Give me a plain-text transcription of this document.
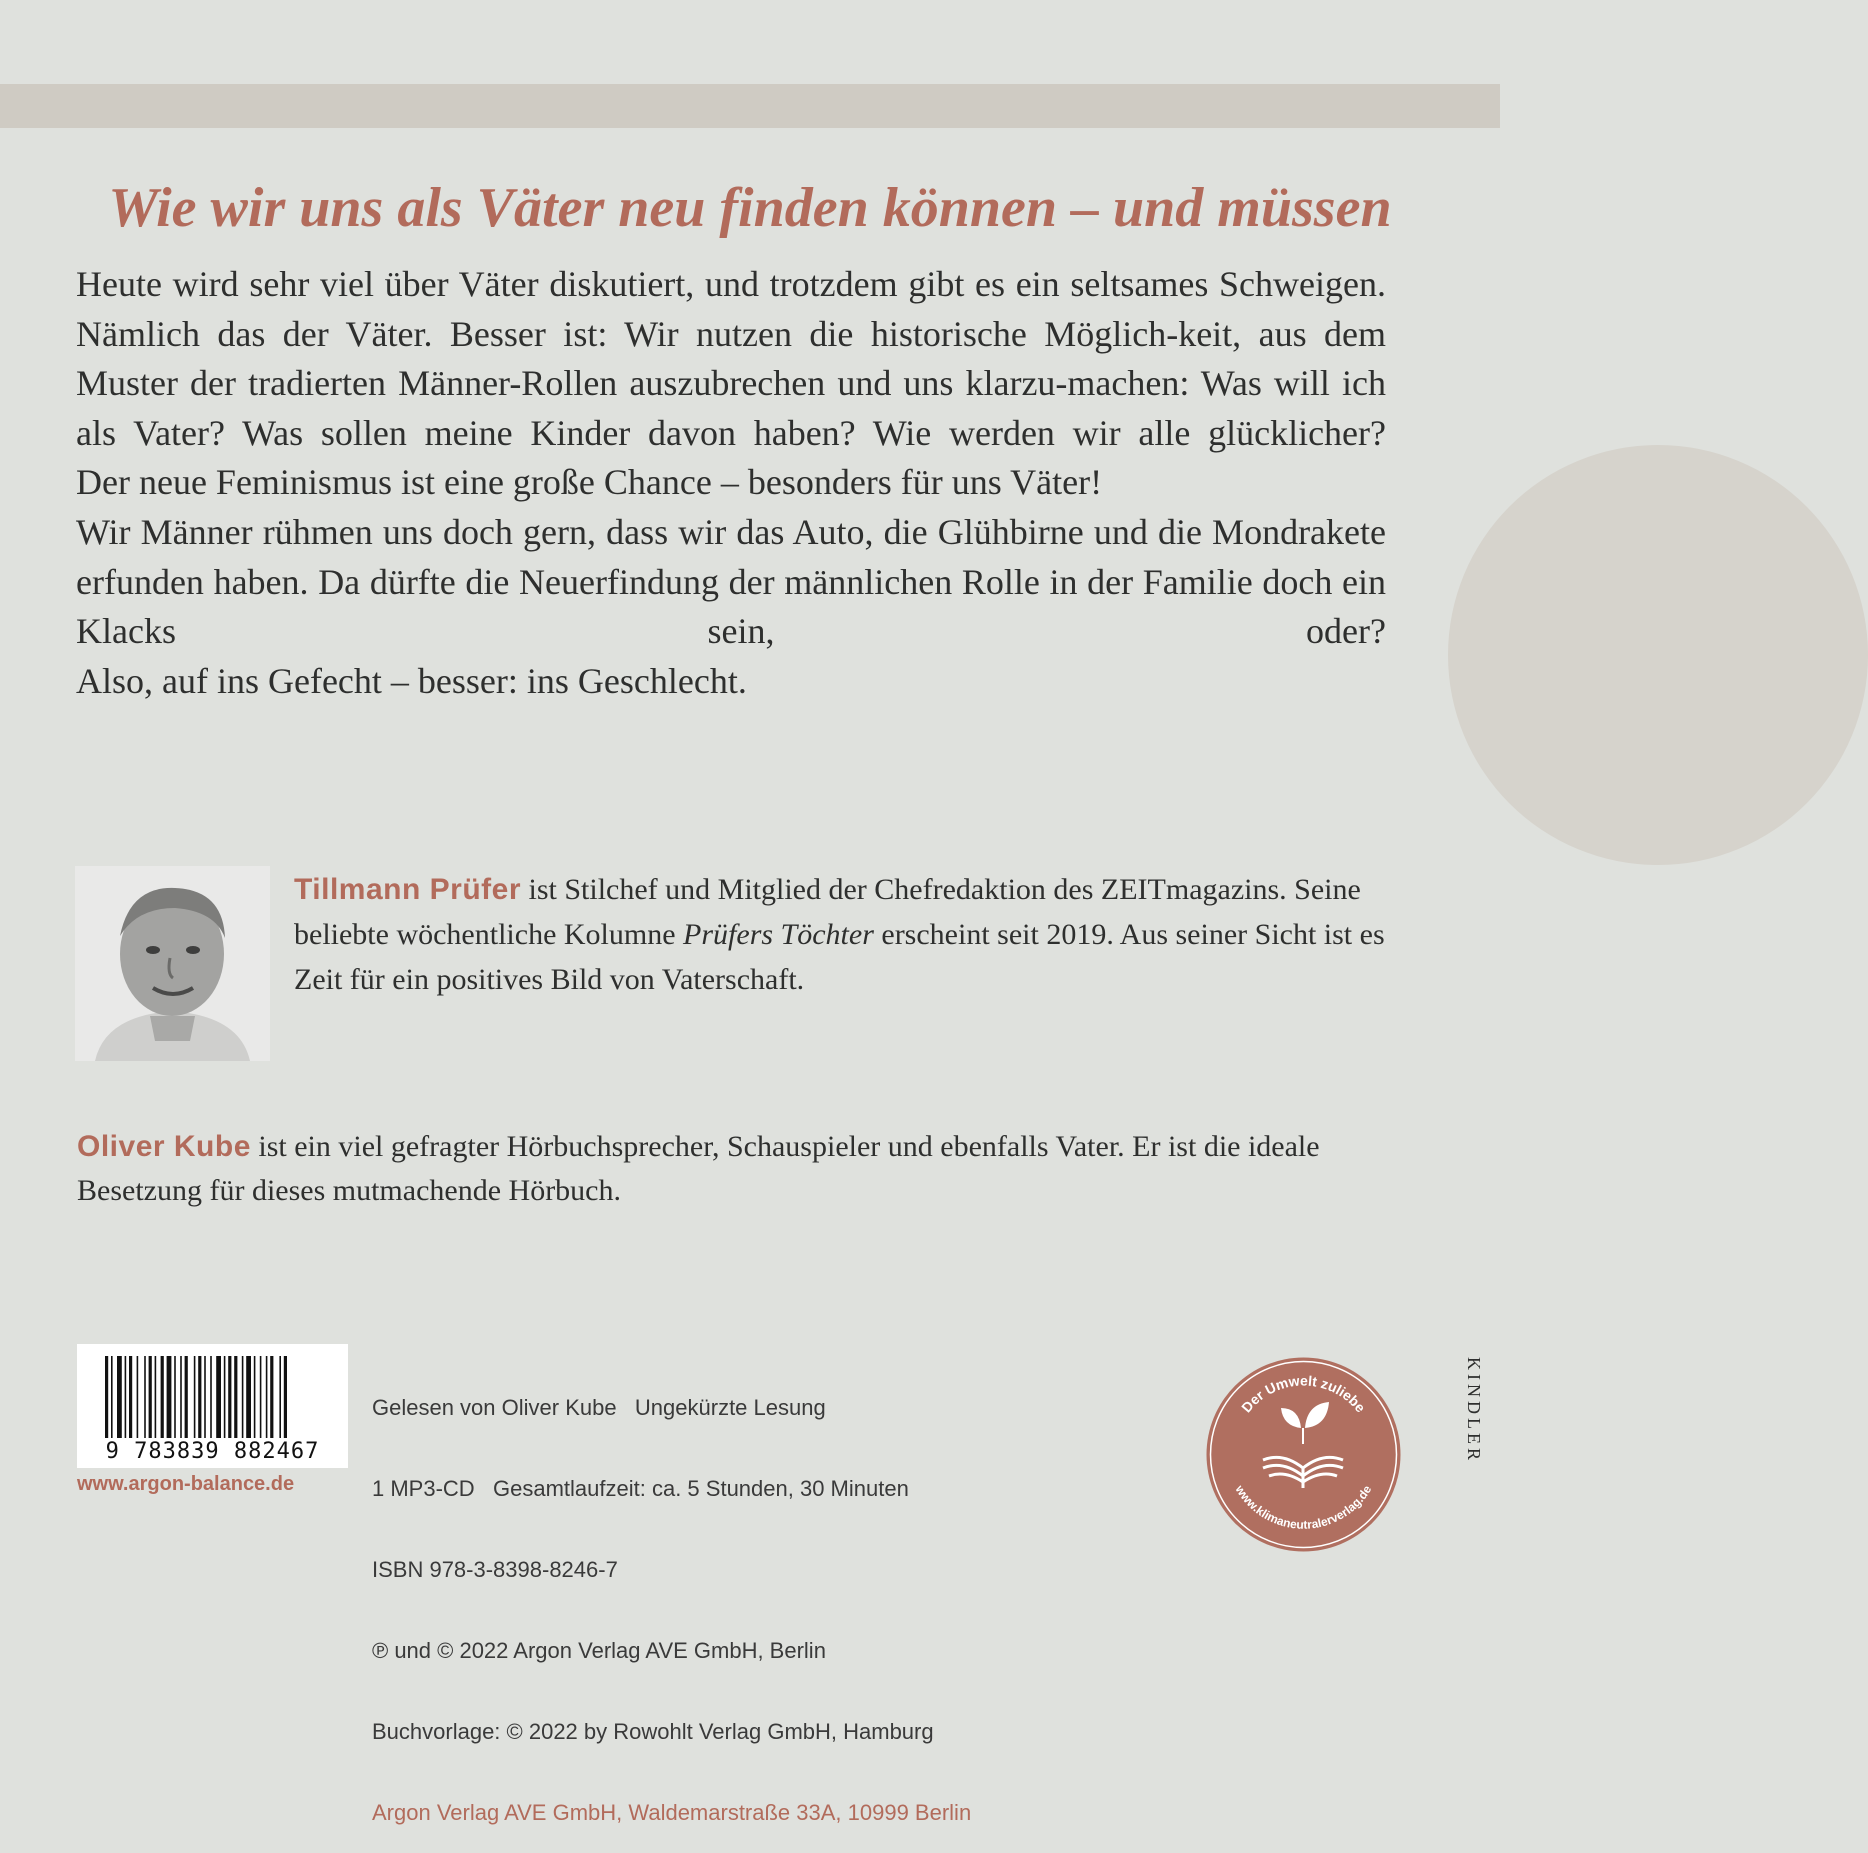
Wie wir uns als Väter neu finden können – und müssen

Heute wird sehr viel über Väter diskutiert, und trotzdem gibt es ein seltsames Schweigen. Nämlich das der Väter. Besser ist: Wir nutzen die historische Möglich-keit, aus dem Muster der tradierten Männer-Rollen auszubrechen und uns klarzu-machen: Was will ich als Vater? Was sollen meine Kinder davon haben? Wie werden wir alle glücklicher?

Der neue Feminismus ist eine große Chance – besonders für uns Väter!

Wir Männer rühmen uns doch gern, dass wir das Auto, die Glühbirne und die Mondrakete erfunden haben. Da dürfte die Neuerfindung der männlichen Rolle in der Familie doch ein Klacks sein, oder?

Also, auf ins Gefecht – besser: ins Geschlecht.

Tillmann Prüfer ist Stilchef und Mitglied der Chefredaktion des ZEITmagazins. Seine beliebte wöchentliche Kolumne Prüfers Töchter erscheint seit 2019. Aus seiner Sicht ist es Zeit für ein positives Bild von Vaterschaft.
Oliver Kube ist ein viel gefragter Hörbuchsprecher, Schauspieler und ebenfalls Vater. Er ist die ideale Besetzung für dieses mutmachende Hörbuch.
9 783839 882467
www.argon-balance.de

Gelesen von Oliver Kube   Ungekürzte Lesung

1 MP3-CD   Gesamtlaufzeit: ca. 5 Stunden, 30 Minuten

ISBN 978-3-8398-8246-7

℗ und © 2022 Argon Verlag AVE GmbH, Berlin

Buchvorlage: © 2022 by Rowohlt Verlag GmbH, Hamburg

Argon Verlag AVE GmbH, Waldemarstraße 33A, 10999 Berlin

Der Umwelt zuliebe
www.klimaneutralerverlag.de
KINDLER
